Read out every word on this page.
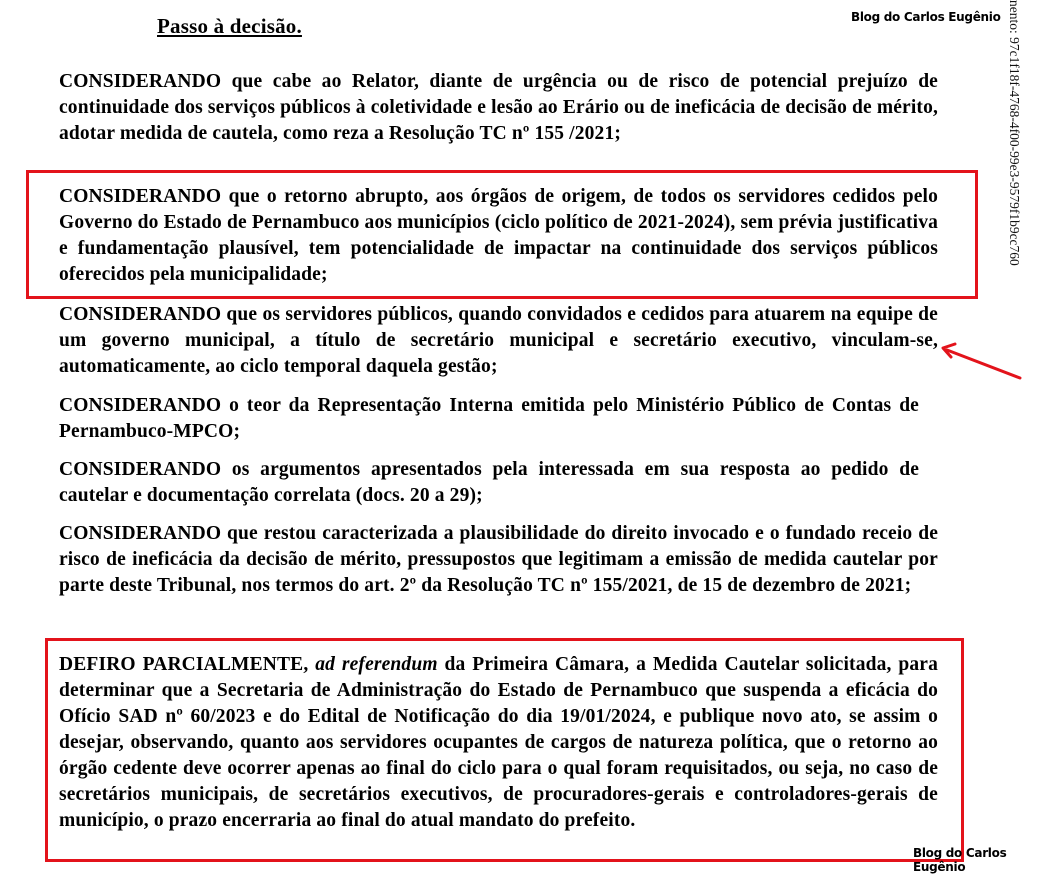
Passo à decisão.	Blog do Carlos Eugênio nento: 97c1f18f-4768-4f00-99e3-9579f1b9cc760

CONSIDERANDO que cabe ao Relator, diante de urgência ou de risco de potencial prejuízo de continuidade dos serviços públicos à coletividade e lesão ao Erário ou de ineficácia de decisão de mérito, adotar medida de cautela, como reza a Resolução TC nº 155 /2021;

CONSIDERANDO que o retorno abrupto, aos órgãos de origem, de todos os servidores cedidos pelo Governo do Estado de Pernambuco aos municípios (ciclo político de 2021-2024), sem prévia justificativa e fundamentação plausível, tem potencialidade de impactar na continuidade dos serviços públicos oferecidos pela municipalidade;

CONSIDERANDO que os servidores públicos, quando convidados e cedidos para atuarem na equipe de um governo municipal, a título de secretário municipal e secretário executivo, vinculam-se, automaticamente, ao ciclo temporal daquela gestão;

CONSIDERANDO o teor da Representação Interna emitida pelo Ministério Público de Contas de Pernambuco-MPCO;

CONSIDERANDO os argumentos apresentados pela interessada em sua resposta ao pedido de cautelar e documentação correlata (docs. 20 a 29);

CONSIDERANDO que restou caracterizada a plausibilidade do direito invocado e o fundado receio de risco de ineficácia da decisão de mérito, pressupostos que legitimam a emissão de medida cautelar por parte deste Tribunal, nos termos do art. 2º da Resolução TC nº 155/2021, de 15 de dezembro de 2021;

DEFIRO PARCIALMENTE, ad referendum da Primeira Câmara, a Medida Cautelar solicitada, para determinar que a Secretaria de Administração do Estado de Pernambuco que suspenda a eficácia do Ofício SAD nº 60/2023 e do Edital de Notificação do dia 19/01/2024, e publique novo ato, se assim o desejar, observando, quanto aos servidores ocupantes de cargos de natureza política, que o retorno ao órgão cedente deve ocorrer apenas ao final do ciclo para o qual foram requisitados, ou seja, no caso de secretários municipais, de secretários executivos, de procuradores-gerais e controladores-gerais de município, o prazo encerraria ao final do atual mandato do prefeito.

Blog do Carlos Eugênio
